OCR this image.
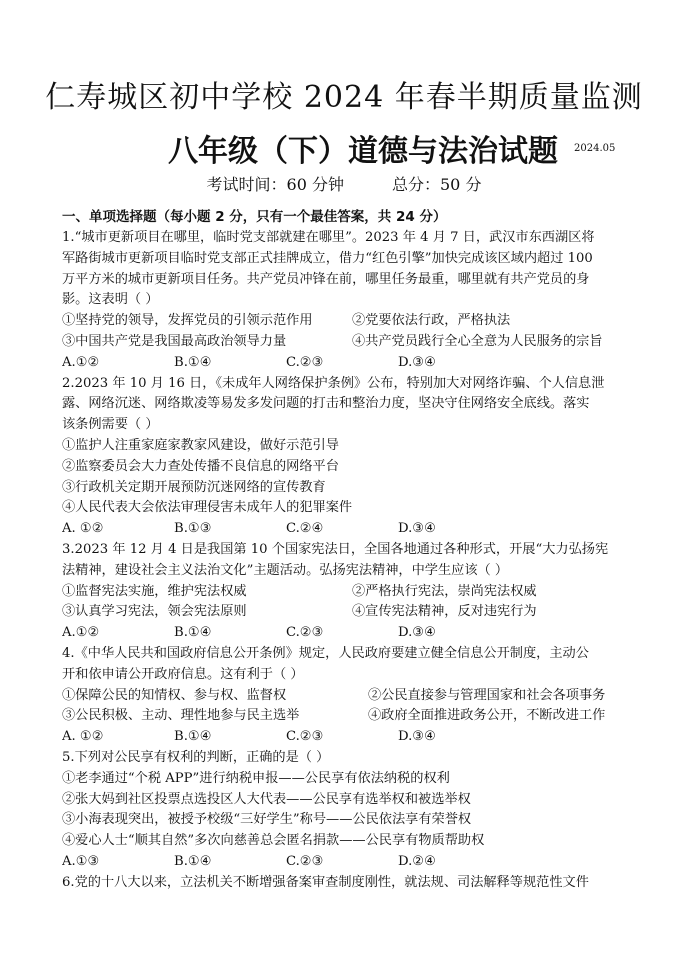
仁寿城区初中学校 2024 年春半期质量监测
八年级（下）道德与法治试题 2024.05
考试时间：60 分钟	总分：50 分
一、单项选择题（每小题 2 分，只有一个最佳答案，共 24 分）
1.“城市更新项目在哪里，临时党支部就建在哪里”。2023 年 4 月 7 日，武汉市东西湖区将
军路街城市更新项目临时党支部正式挂牌成立，借力“红色引擎”加快完成该区域内超过 100
万平方米的城市更新项目任务。共产党员冲锋在前，哪里任务最重，哪里就有共产党员的身
影。这表明（ ）
①坚持党的领导，发挥党员的引领示范作用	②党要依法行政，严格执法
③中国共产党是我国最高政治领导力量	④共产党员践行全心全意为人民服务的宗旨
A.①②	B.①④	C.②③	D.③④
2.2023 年 10 月 16 日，《未成年人网络保护条例》公布，特别加大对网络诈骗、个人信息泄
露、网络沉迷、网络欺凌等易发多发问题的打击和整治力度，坚决守住网络安全底线。落实
该条例需要（ ）
①监护人注重家庭家教家风建设，做好示范引导
②监察委员会大力查处传播不良信息的网络平台
③行政机关定期开展预防沉迷网络的宣传教育
④人民代表大会依法审理侵害未成年人的犯罪案件
A. ①②	B.①③	C.②④	D.③④
3.2023 年 12 月 4 日是我国第 10 个国家宪法日，全国各地通过各种形式，开展“大力弘扬宪
法精神，建设社会主义法治文化”主题活动。弘扬宪法精神，中学生应该（ ）
①监督宪法实施，维护宪法权威	②严格执行宪法，崇尚宪法权威
③认真学习宪法，领会宪法原则	④宣传宪法精神，反对违宪行为
A.①②	B.①④	C.②③	D.③④
4.《中华人民共和国政府信息公开条例》规定，人民政府要建立健全信息公开制度，主动公
开和依申请公开政府信息。这有利于（ ）
①保障公民的知情权、参与权、监督权	②公民直接参与管理国家和社会各项事务
③公民积极、主动、理性地参与民主选举	④政府全面推进政务公开，不断改进工作
A. ①②	B.①④	C.②③	D.③④
5.下列对公民享有权利的判断，正确的是（ ）
①老李通过“个税 APP”进行纳税申报——公民享有依法纳税的权利
②张大妈到社区投票点选投区人大代表——公民享有选举权和被选举权
③小海表现突出，被授予校级“三好学生”称号——公民依法享有荣誉权
④爱心人士“顺其自然”多次向慈善总会匿名捐款——公民享有物质帮助权
A.①③	B.①④	C.②③	D.②④
6.党的十八大以来，立法机关不断增强备案审查制度刚性，就法规、司法解释等规范性文件
